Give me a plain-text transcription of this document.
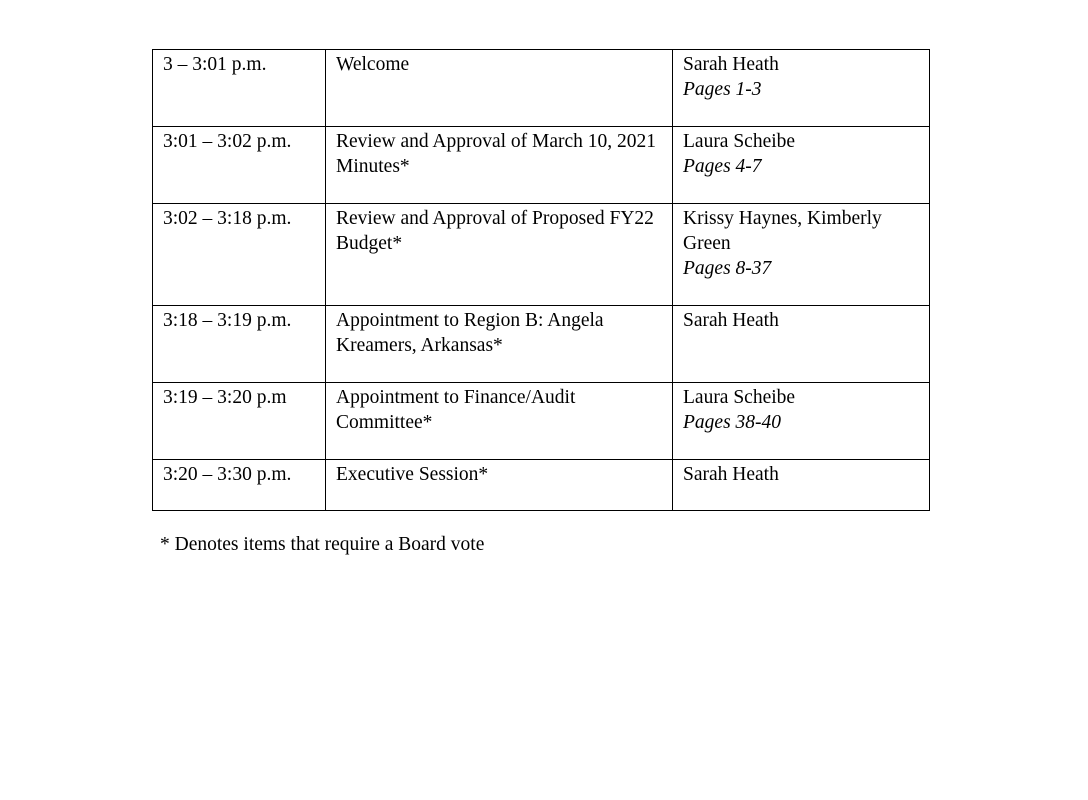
3 – 3:01 p.m.	Welcome	Sarah Heath
Pages 1-3

3:01 – 3:02 p.m.	Review and Approval of March 10, 2021 Minutes*	Laura Scheibe
Pages 4-7

3:02 – 3:18 p.m.	Review and Approval of Proposed FY22 Budget*	Krissy Haynes, Kimberly Green
Pages 8-37

3:18 – 3:19 p.m.	Appointment to Region B: Angela Kreamers, Arkansas*	Sarah Heath

3:19 – 3:20 p.m	Appointment to Finance/Audit Committee*	Laura Scheibe
Pages 38-40

3:20 – 3:30 p.m.	Executive Session*	Sarah Heath
* Denotes items that require a Board vote
